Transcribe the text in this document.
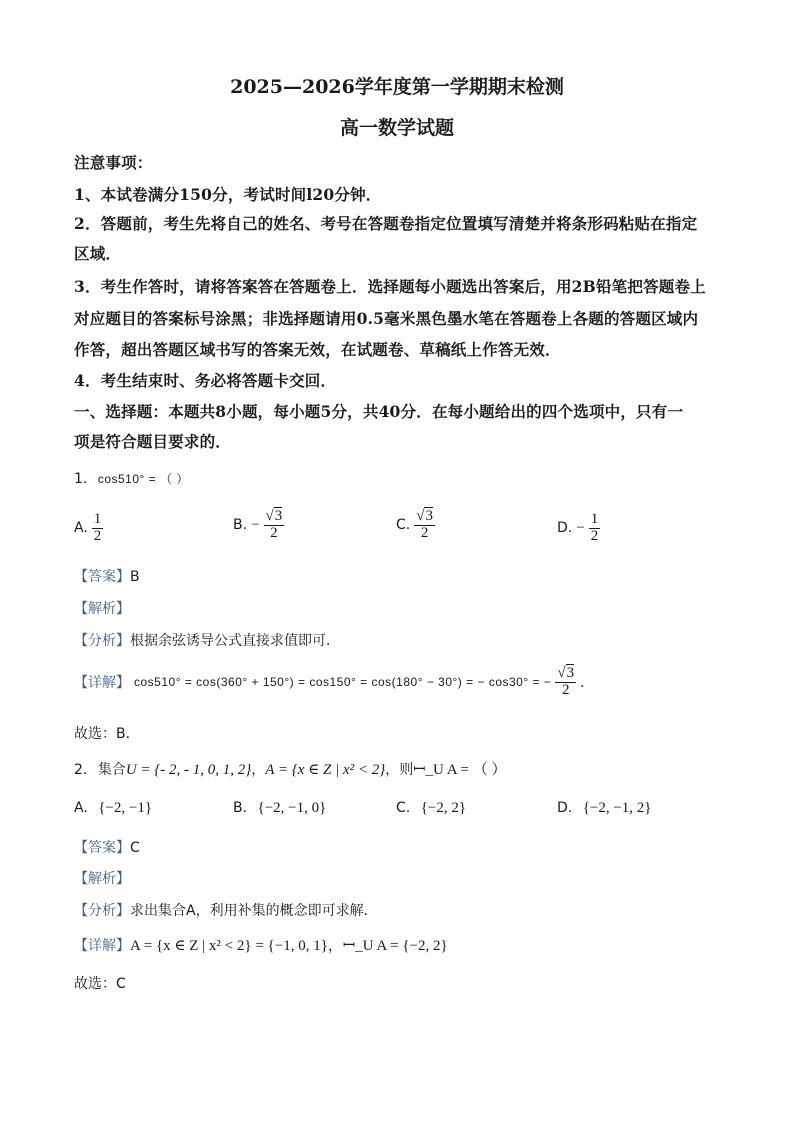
2025—2026学年度第一学期期末检测
高一数学试题
注意事项：
1、本试卷满分150分，考试时间l20分钟．
2．答题前，考生先将自己的姓名、考号在答题卷指定位置填写清楚并将条形码粘贴在指定
区域．
3．考生作答时，请将答案答在答题卷上．选择题每小题选出答案后，用2B铅笔把答题卷上
对应题目的答案标号涂黑；非选择题请用0.5毫米黑色墨水笔在答题卷上各题的答题区域内
作答，超出答题区域书写的答案无效，在试题卷、草稿纸上作答无效．
4．考生结束时、务必将答题卡交回．
一、选择题：本题共8小题，每小题5分，共40分．在每小题给出的四个选项中，只有一
项是符合题目要求的．
1. cos510° = （ ）
A. $\frac{1}{2}$	B. − $\frac{√3}{2}$	C. $\frac{√3}{2}$	D. − $\frac{1}{2}$
【答案】B
【解析】
【分析】根据余弦诱导公式直接求值即可．
【详解】 cos510° = cos(360° + 150°) = cos150° = cos(180° − 30°) = − cos30° = − $\frac{√3}{2}$ ．
故选：B．
2. 集合U = {- 2, - 1, 0, 1, 2}，A = {x ∈ Z | x² < 2}，则ꟷ_U A = （ ）
A. {−2, −1}	B. {−2, −1, 0}	C. {−2, 2}	D. {−2, −1, 2}
【答案】C
【解析】
【分析】求出集合A，利用补集的概念即可求解.
【详解】A = {x ∈ Z | x² < 2} = {−1, 0, 1}，ꟷ_U A = {−2, 2}
故选：C
